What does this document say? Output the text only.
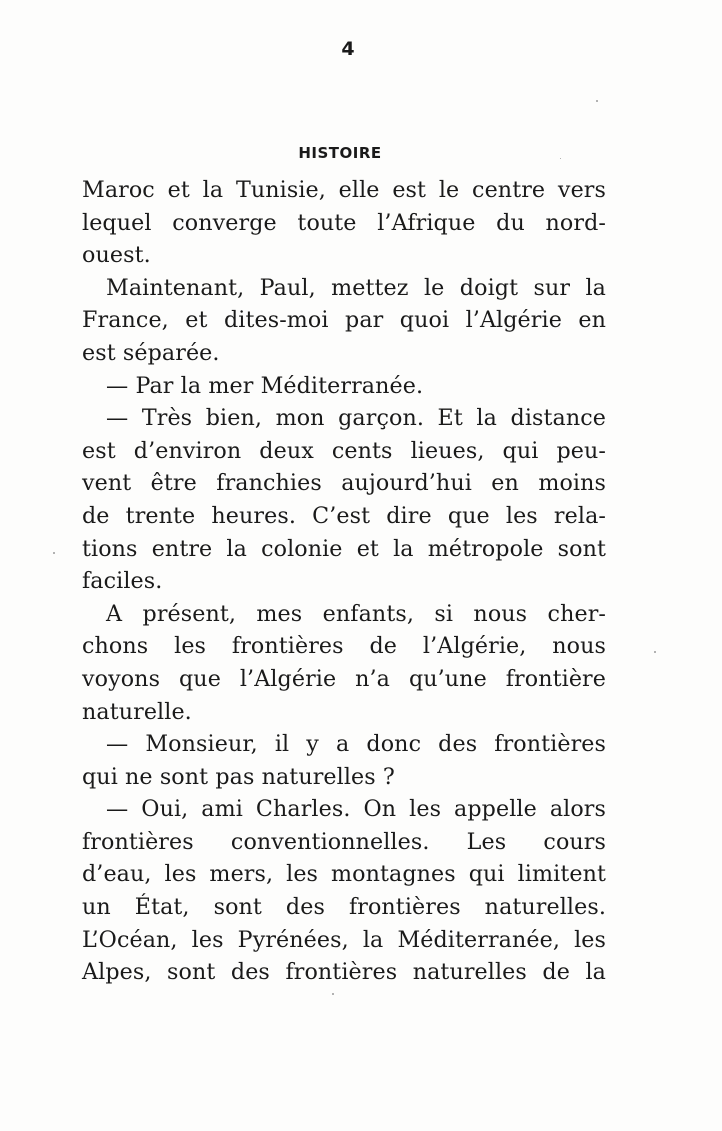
4
HISTOIRE
Maroc et la Tunisie, elle est le centre vers
lequel converge toute l’Afrique du nord-
ouest.
Maintenant, Paul, mettez le doigt sur la
France, et dites-moi par quoi l’Algérie en
est séparée.
— Par la mer Méditerranée.
— Très bien, mon garçon. Et la distance
est d’environ deux cents lieues, qui peu-
vent être franchies aujourd’hui en moins
de trente heures. C’est dire que les rela-
tions entre la colonie et la métropole sont
faciles.
A présent, mes enfants, si nous cher-
chons les frontières de l’Algérie, nous
voyons que l’Algérie n’a qu’une frontière
naturelle.
— Monsieur, il y a donc des frontières
qui ne sont pas naturelles ?
— Oui, ami Charles. On les appelle alors
frontières conventionnelles. Les cours
d’eau, les mers, les montagnes qui limitent
un État, sont des frontières naturelles.
L’Océan, les Pyrénées, la Méditerranée, les
Alpes, sont des frontières naturelles de la
